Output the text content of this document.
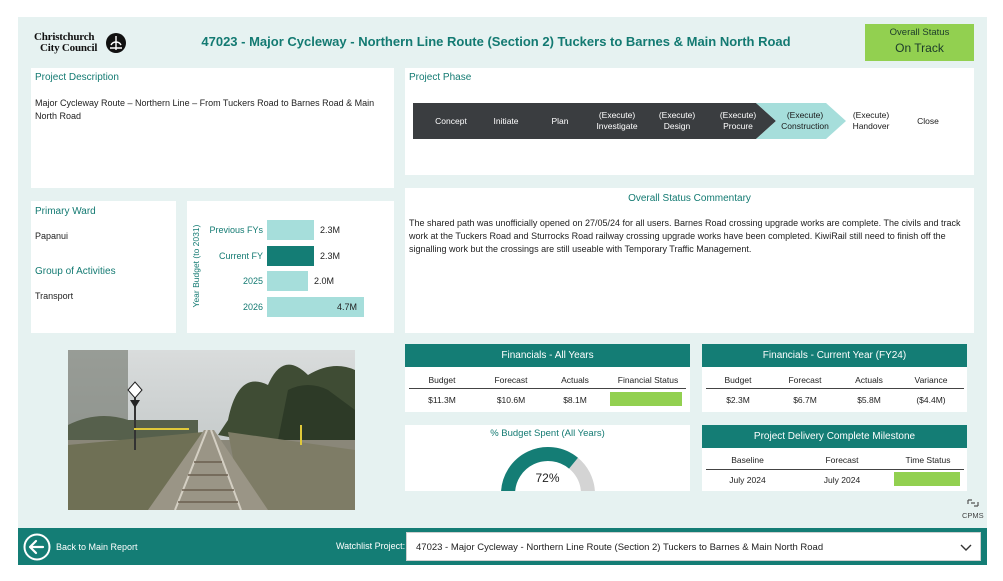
Christchurch
City Council	47023 - Major Cycleway - Northern Line Route (Section 2) Tuckers to Barnes & Main North Road
Overall Status
On Track
Project Description
Major Cycleway Route – Northern Line – From Tuckers Road to Barnes Road & Main North Road
Project Phase
Concept	Initiate	Plan
(Execute)
Investigate
(Execute)
Design
(Execute)
Procure
(Execute)
Construction
(Execute)
Handover
Close
Primary Ward
Papanui
Group of Activities
Transport	Year Budget (to 2031) Previous FYs	2.3M
Current FY	2.3M
2025	2.0M
2026	4.7M
Overall Status Commentary
The shared path was unofficially opened on 27/05/24 for all users. Barnes Road crossing upgrade works are complete. The civils and track work at the Tuckers Road and Sturrocks Road railway crossing upgrade works have been completed. KiwiRail still need to finish off the signalling work but the crossings are still useable with Temporary Traffic Management.
Financials - All Years
Budget	Forecast	Actuals	Financial Status
$11.3M	$10.6M	$8.1M
Financials - Current Year (FY24)
Budget	Forecast	Actuals	Variance
$2.3M	$6.7M	$5.8M	($4.4M)
% Budget Spent (All Years)
72%
Project Delivery Complete Milestone
Baseline	Forecast	Time Status
July 2024	July 2024
CPMS
Back to Main Report	Watchlist Project: 47023 - Major Cycleway - Northern Line Route (Section 2) Tuckers to Barnes & Main North Road
